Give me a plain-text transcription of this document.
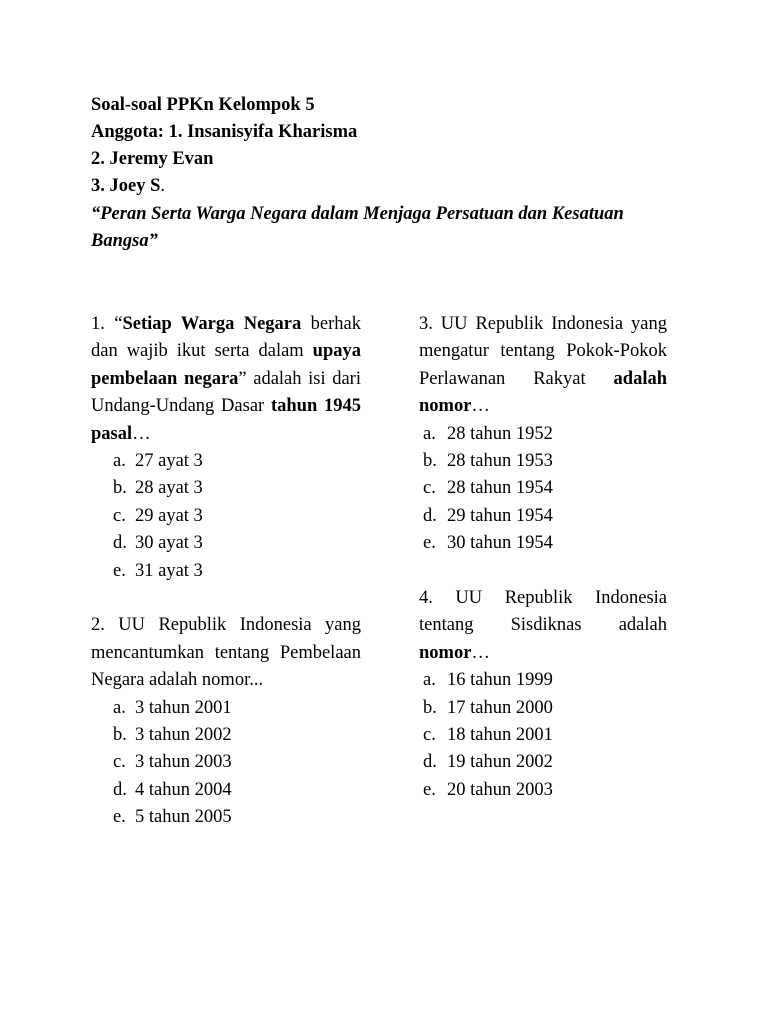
Soal-soal PPKn Kelompok 5
Anggota: 1. Insanisyifa Kharisma
2. Jeremy Evan
3. Joey S.
“Peran Serta Warga Negara dalam Menjaga Persatuan dan Kesatuan Bangsa”
1. “Setiap Warga Negara berhak dan wajib ikut serta dalam upaya pembelaan negara” adalah isi dari Undang-Undang Dasar tahun 1945 pasal…
a. 27 ayat 3
b. 28 ayat 3
c. 29 ayat 3
d. 30 ayat 3
e. 31 ayat 3
2. UU Republik Indonesia yang mencantumkan tentang Pembelaan Negara adalah nomor...
a. 3 tahun 2001
b. 3 tahun 2002
c. 3 tahun 2003
d. 4 tahun 2004
e. 5 tahun 2005
3. UU Republik Indonesia yang mengatur tentang Pokok-Pokok Perlawanan Rakyat adalah nomor…
a. 28 tahun 1952
b. 28 tahun 1953
c. 28 tahun 1954
d. 29 tahun 1954
e. 30 tahun 1954
4. UU Republik Indonesia tentang Sisdiknas adalah nomor…
a. 16 tahun 1999
b. 17 tahun 2000
c. 18 tahun 2001
d. 19 tahun 2002
e. 20 tahun 2003
